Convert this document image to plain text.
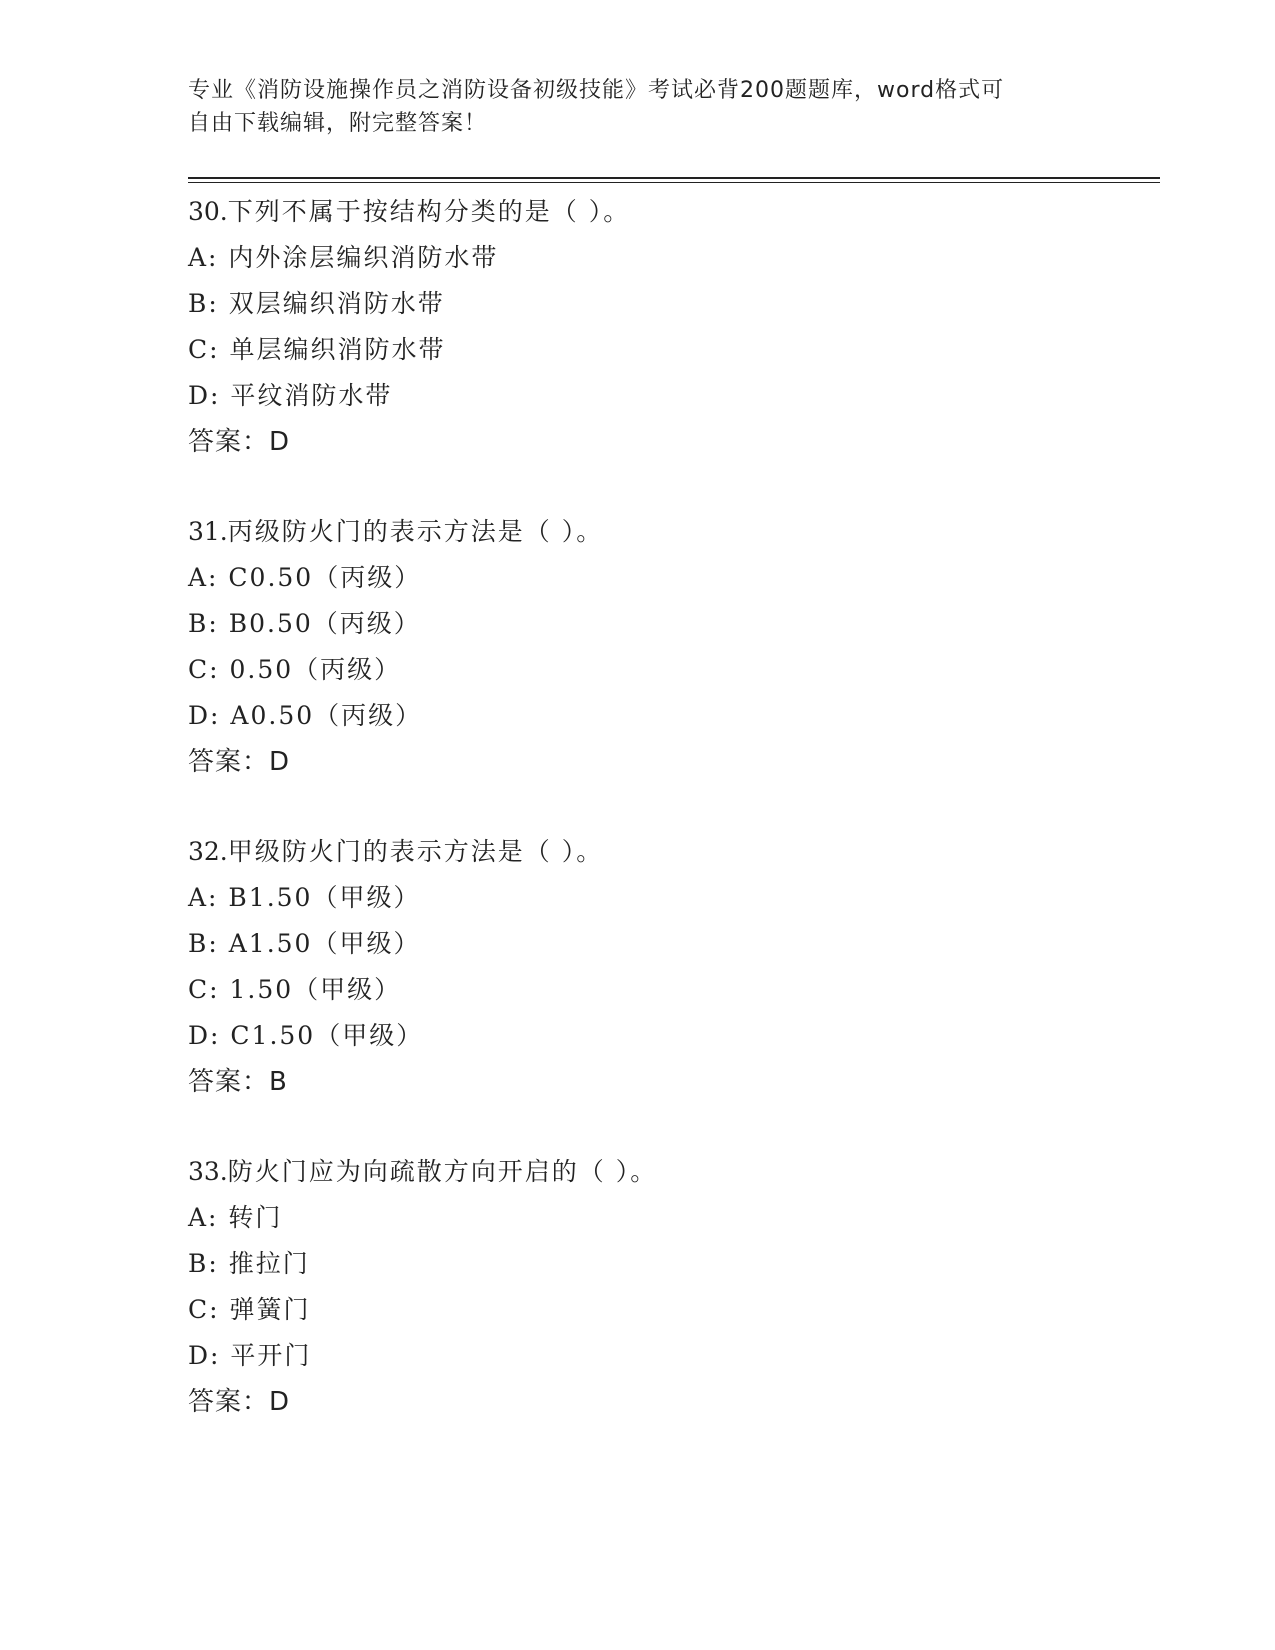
专业《消防设施操作员之消防设备初级技能》考试必背200题题库，word格式可

自由下载编辑，附完整答案！

30.下列不属于按结构分类的是（ ）。
A: 内外涂层编织消防水带
B: 双层编织消防水带
C: 单层编织消防水带
D: 平纹消防水带
答案：D
31.丙级防火门的表示方法是（ ）。
A: C0.50（丙级）
B: B0.50（丙级）
C: 0.50（丙级）
D: A0.50（丙级）
答案：D
32.甲级防火门的表示方法是（ ）。
A: B1.50（甲级）
B: A1.50（甲级）
C: 1.50（甲级）
D: C1.50（甲级）
答案：B
33.防火门应为向疏散方向开启的（ ）。
A: 转门
B: 推拉门
C: 弹簧门
D: 平开门
答案：D
